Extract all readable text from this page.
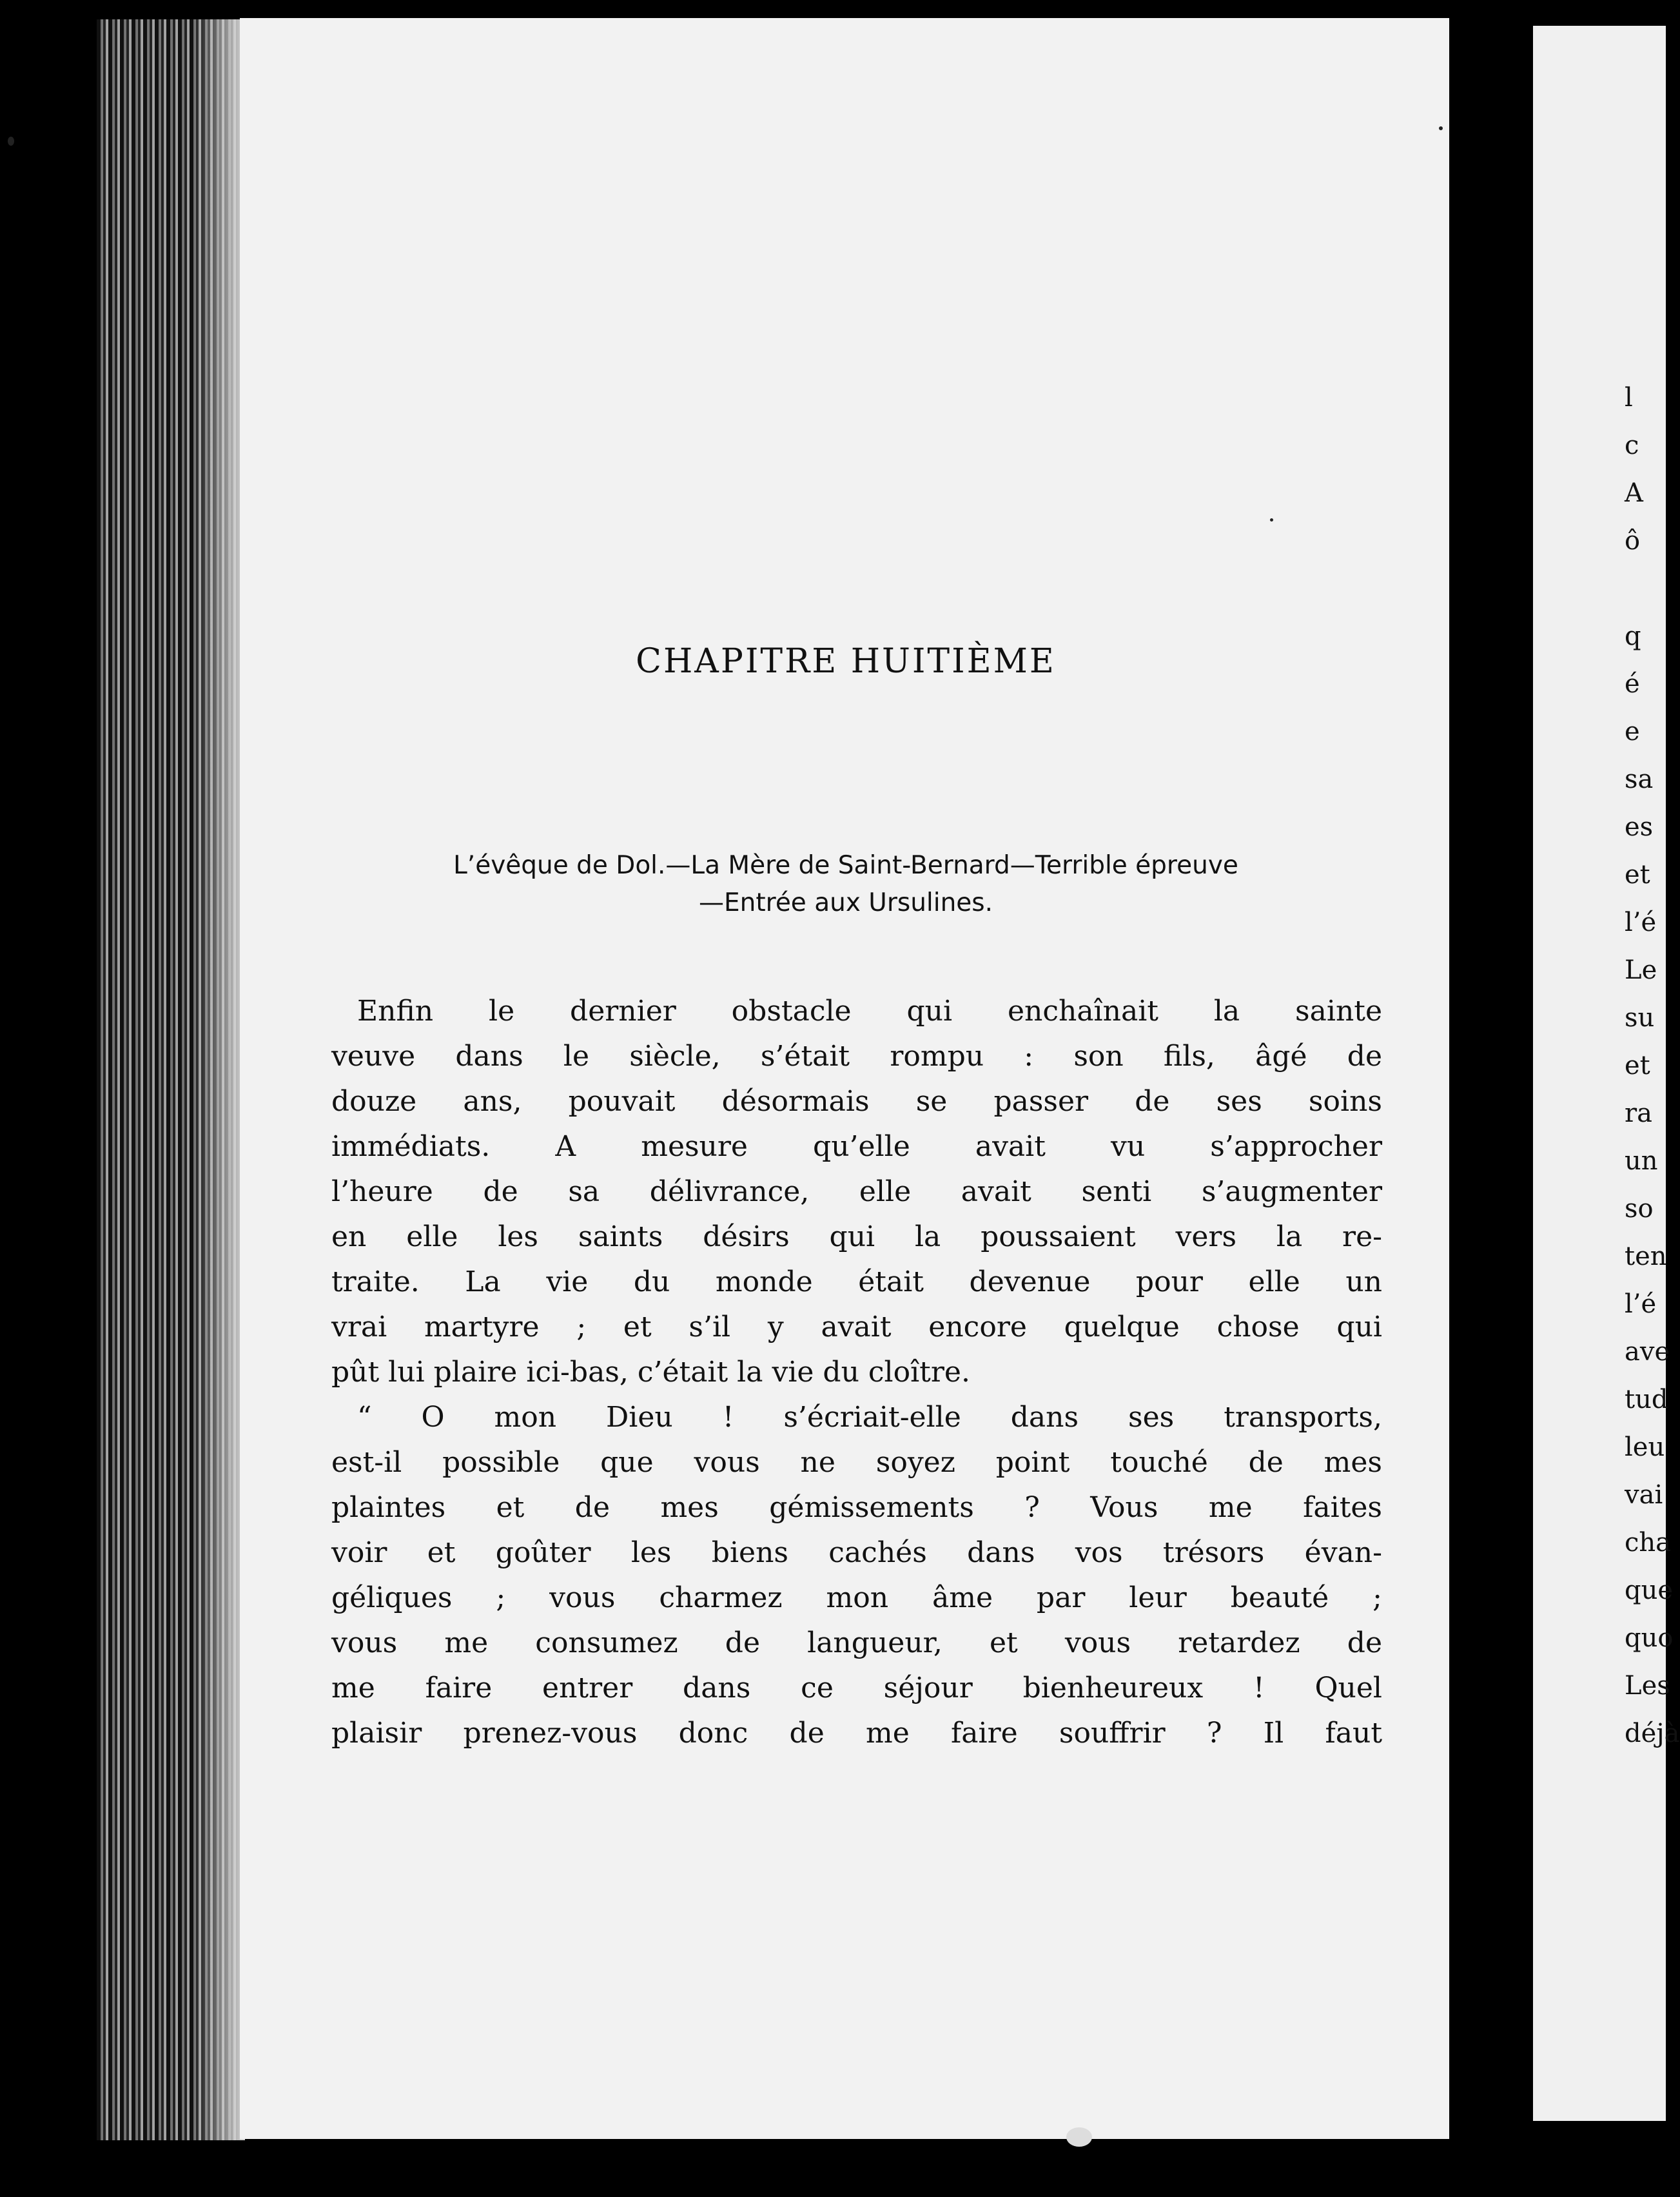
CHAPITRE HUITIÈME
L’évêque de Dol.—La Mère de Saint-Bernard—Terrible épreuve
—Entrée aux Ursulines.
Enfin le dernier obstacle qui enchaînait la sainte
veuve dans le siècle, s’était rompu : son fils, âgé de
douze ans, pouvait désormais se passer de ses soins
immédiats. A mesure qu’elle avait vu s’approcher
l’heure de sa délivrance, elle avait senti s’augmenter
en elle les saints désirs qui la poussaient vers la re-
traite. La vie du monde était devenue pour elle un
vrai martyre ; et s’il y avait encore quelque chose qui
pût lui plaire ici-bas, c’était la vie du cloître.
“ O mon Dieu ! s’écriait-elle dans ses transports,
est-il possible que vous ne soyez point touché de mes
plaintes et de mes gémissements ? Vous me faites
voir et goûter les biens cachés dans vos trésors évan-
géliques ; vous charmez mon âme par leur beauté ;
vous me consumez de langueur, et vous retardez de
me faire entrer dans ce séjour bienheureux ! Quel
plaisir prenez-vous donc de me faire souffrir ? Il faut
l
c
A
ô

q
é
e
sa
es
et
l’é
Le
su
et
ra
un
so
ten
l’é
ave
tud
leu
vai
cha
que
quo
Les
déjà
